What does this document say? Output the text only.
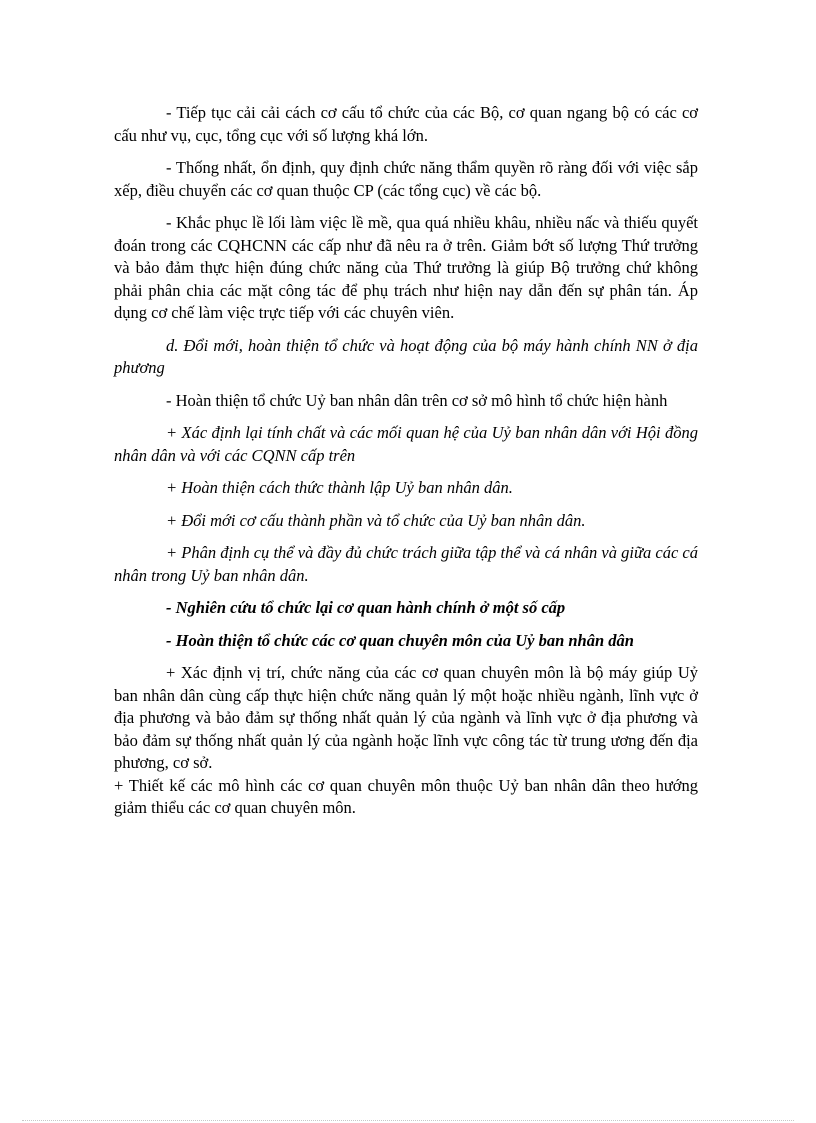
- Tiếp tục cải cải cách cơ cấu tổ chức của các Bộ, cơ quan ngang bộ có các cơ cấu như vụ, cục, tổng cục với số lượng khá lớn.

- Thống nhất, ổn định, quy định chức năng thẩm quyền rõ ràng đối với việc sắp xếp, điều chuyển các cơ quan thuộc CP (các tổng cục) về các bộ.

- Khắc phục lề lối làm việc lề mề, qua quá nhiều khâu, nhiều nấc và thiếu quyết đoán trong các CQHCNN các cấp như đã nêu ra ở trên. Giảm bớt số lượng Thứ trưởng và bảo đảm thực hiện đúng chức năng của Thứ trưởng là giúp Bộ trưởng chứ không phải phân chia các mặt công tác để phụ trách như hiện nay dẫn đến sự phân tán. Áp dụng cơ chế làm việc trực tiếp với các chuyên viên.

d. Đổi mới, hoàn thiện tổ chức và hoạt động của bộ máy hành chính NN ở địa phương

- Hoàn thiện tổ chức Uỷ ban nhân dân trên cơ sở mô hình tổ chức hiện hành

+ Xác định lại tính chất và các mối quan hệ của Uỷ ban nhân dân với Hội đồng nhân dân và với các CQNN cấp trên

+ Hoàn thiện cách thức thành lập Uỷ ban nhân dân.

+ Đổi mới cơ cấu thành phần và tổ chức của Uỷ ban nhân dân.

+ Phân định cụ thể và đầy đủ chức trách giữa tập thể và cá nhân và giữa các cá nhân trong Uỷ ban nhân dân.

- Nghiên cứu tổ chức lại cơ quan hành chính ở một số cấp

- Hoàn thiện tổ chức các cơ quan chuyên môn của Uỷ ban nhân dân

+ Xác định vị trí, chức năng của các cơ quan chuyên môn là bộ máy giúp Uỷ ban nhân dân cùng cấp thực hiện chức năng quản lý một hoặc nhiều ngành, lĩnh vực ở địa phương và bảo đảm sự thống nhất quản lý của ngành và lĩnh vực ở địa phương và bảo đảm sự thống nhất quản lý của ngành hoặc lĩnh vực công tác từ trung ương đến địa phương, cơ sở.

+ Thiết kế các mô hình các cơ quan chuyên môn thuộc Uỷ ban nhân dân theo hướng giảm thiểu các cơ quan chuyên môn.
